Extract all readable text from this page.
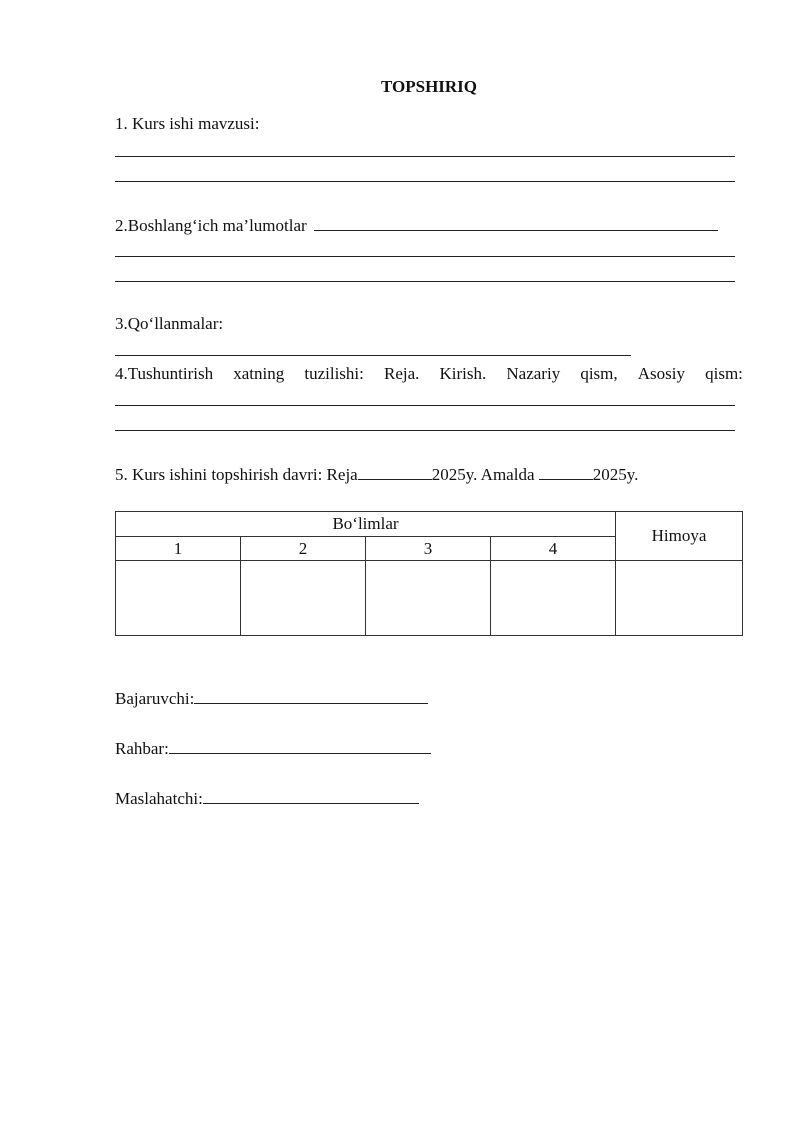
TOPSHIRIQ
1. Kurs ishi mavzusi:
2.Boshlang‘ich ma’lumotlar
3.Qo‘llanmalar:
4.Tushuntirish xatning tuzilishi: Reja. Kirish. Nazariy qism, Asosiy qism:
5. Kurs ishini topshirish davri: Reja	2025y. Amalda	2025y.
Bo‘limlar				Himoya
1	2	3	4	

Bajaruvchi:
Rahbar:
Maslahatchi:
